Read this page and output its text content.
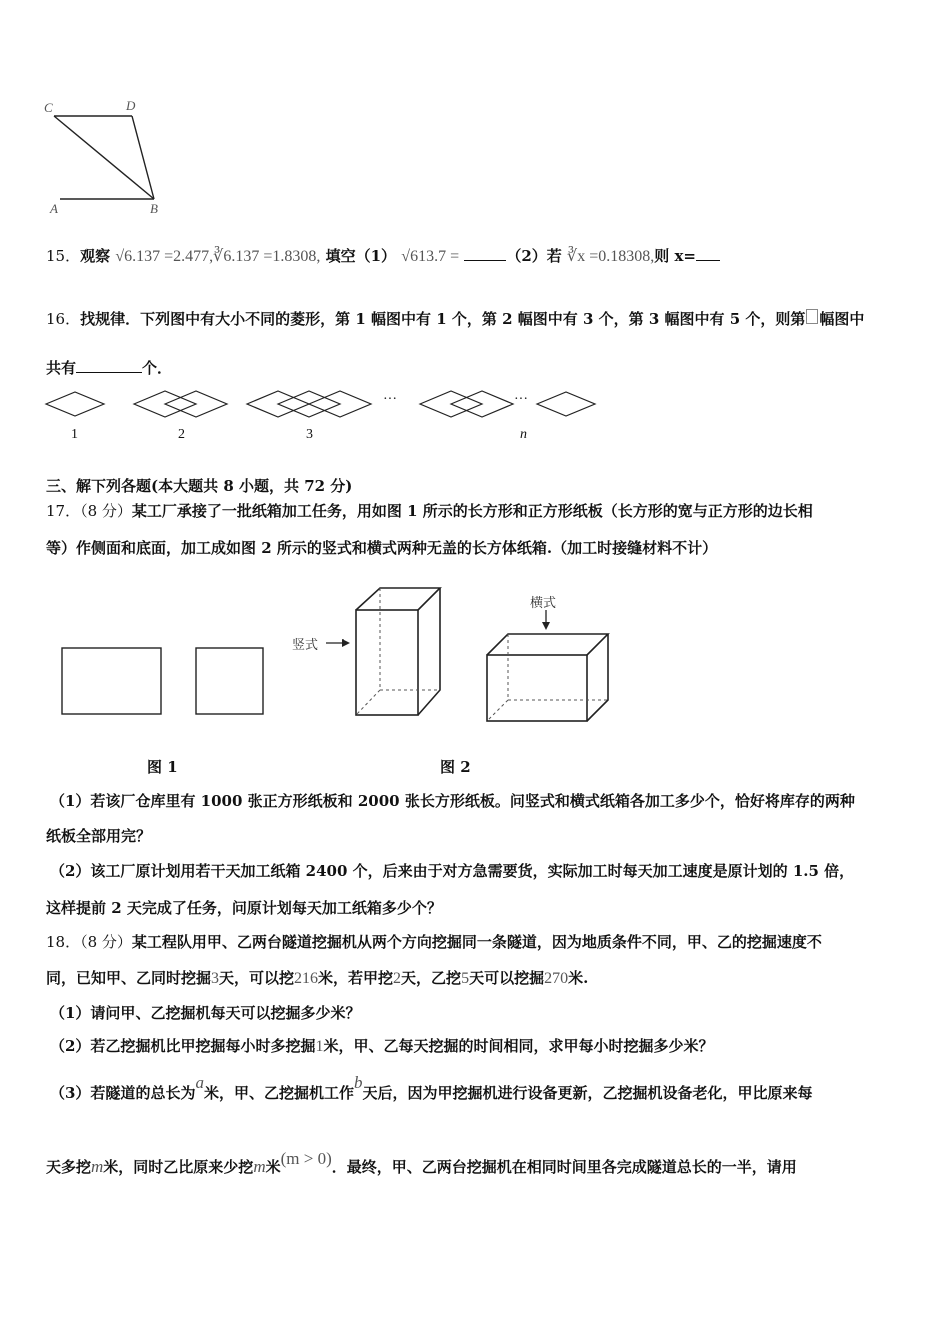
C	D
A	B
15．观察 √6.137 =2.477,∛6.137 =1.8308, 填空（1） √613.7 =	（2）若 ∛x =0.18308,则 x=
16．找规律．下列图中有大小不同的菱形，第 1 幅图中有 1 个，第 2 幅图中有 3 个，第 3 幅图中有 5 个，则第 幅图中
共有	个．
···	···
1	2	3	n
三、解下列各题(本大题共 8 小题，共 72 分)
17．（8 分）某工厂承接了一批纸箱加工任务，用如图 1 所示的长方形和正方形纸板（长方形的宽与正方形的边长相
等）作侧面和底面，加工成如图 2 所示的竖式和横式两种无盖的长方体纸箱.（加工时接缝材料不计）
竖式
横式
图 1	图 2
（1）若该厂仓库里有 1000 张正方形纸板和 2000 张长方形纸板。问竖式和横式纸箱各加工多少个，恰好将库存的两种
纸板全部用完？
（2）该工厂原计划用若干天加工纸箱 2400 个，后来由于对方急需要货，实际加工时每天加工速度是原计划的 1.5 倍，
这样提前 2 天完成了任务，问原计划每天加工纸箱多少个？
18．（8 分）某工程队用甲、乙两台隧道挖掘机从两个方向挖掘同一条隧道，因为地质条件不同，甲、乙的挖掘速度不
同，已知甲、乙同时挖掘3天，可以挖216米，若甲挖2天，乙挖5天可以挖掘270米.
（1）请问甲、乙挖掘机每天可以挖掘多少米？
（2）若乙挖掘机比甲挖掘每小时多挖掘1米，甲、乙每天挖掘的时间相同，求甲每小时挖掘多少米？
（3）若隧道的总长为a米，甲、乙挖掘机工作b天后，因为甲挖掘机进行设备更新，乙挖掘机设备老化，甲比原来每
天多挖m米，同时乙比原来少挖m米(m > 0)．最终，甲、乙两台挖掘机在相同时间里各完成隧道总长的一半，请用
